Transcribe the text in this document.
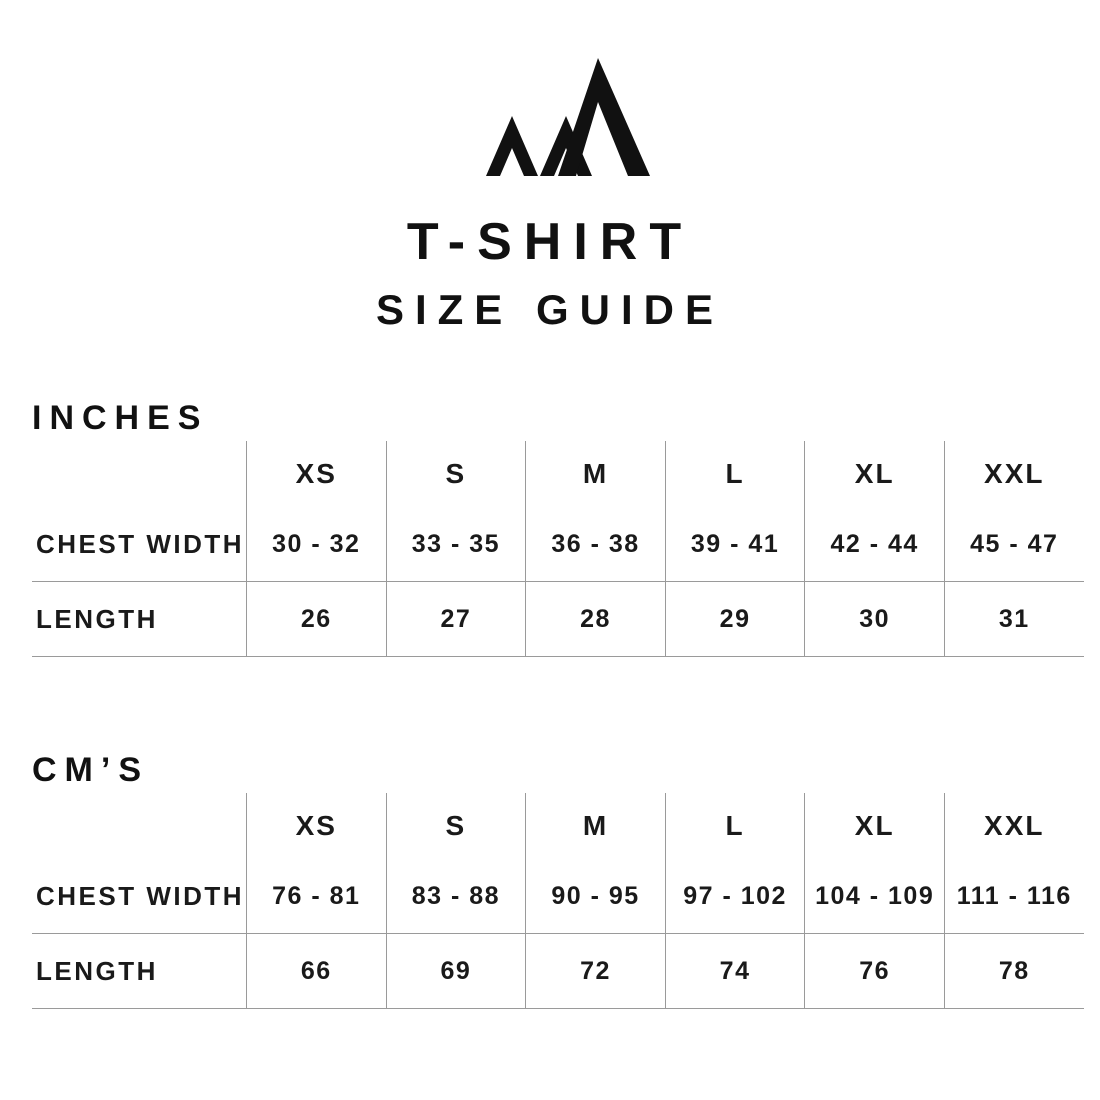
T-SHIRT
SIZE GUIDE
INCHES
	XS	S	M	L	XL	XXL
CHEST WIDTH	30 - 32	33 - 35	36 - 38	39 - 41	42 - 44	45 - 47
LENGTH	26	27	28	29	30	31
CM’S
	XS	S	M	L	XL	XXL
CHEST WIDTH	76 - 81	83 - 88	90 - 95	97 - 102	104 - 109	111 - 116
LENGTH	66	69	72	74	76	78
